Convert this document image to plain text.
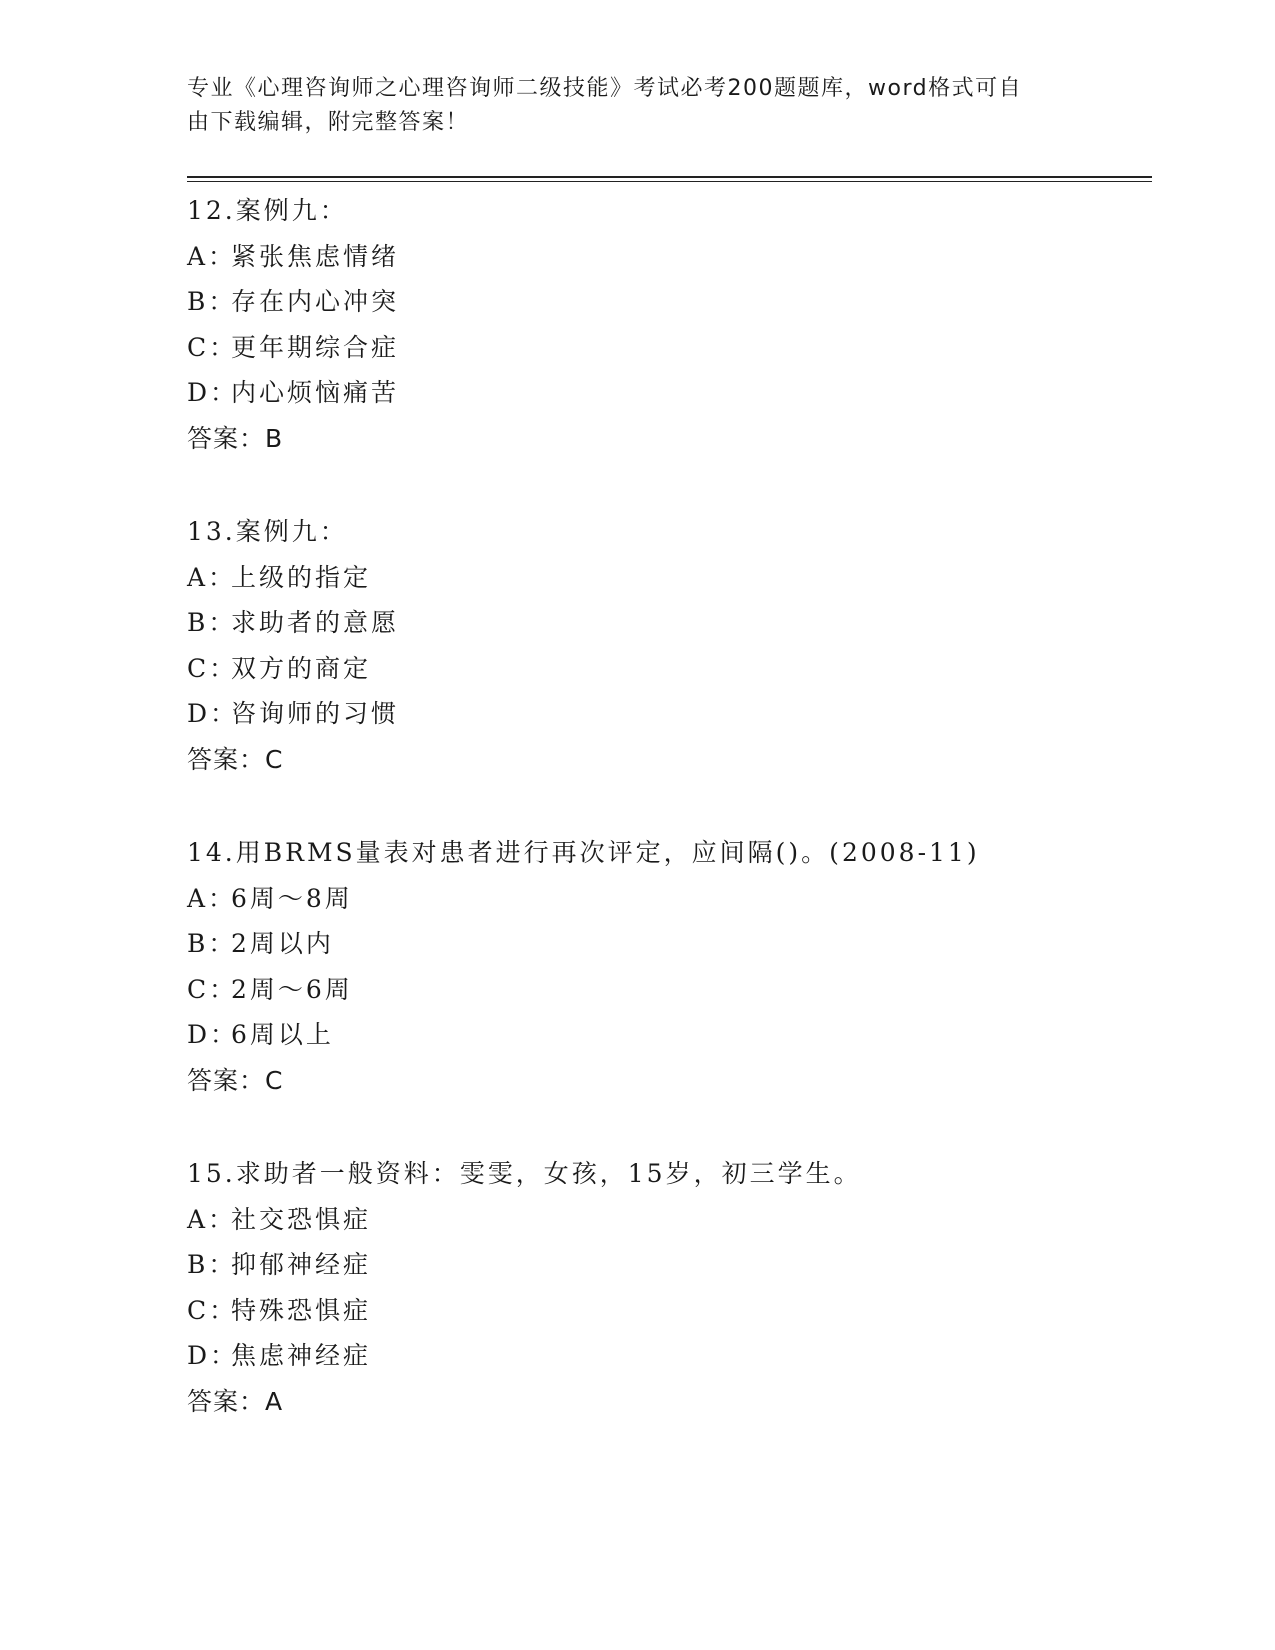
专业《心理咨询师之心理咨询师二级技能》考试必考200题题库，word格式可自
由下载编辑，附完整答案！
12.案例九：
A：紧张焦虑情绪
B：存在内心冲突
C：更年期综合症
D：内心烦恼痛苦
答案：B
13.案例九：
A：上级的指定
B：求助者的意愿
C：双方的商定
D：咨询师的习惯
答案：C
14.用BRMS量表对患者进行再次评定，应间隔()。(2008-11)
A：6周～8周
B：2周以内
C：2周～6周
D：6周以上
答案：C
15.求助者一般资料：雯雯，女孩，15岁，初三学生。
A：社交恐惧症
B：抑郁神经症
C：特殊恐惧症
D：焦虑神经症
答案：A
